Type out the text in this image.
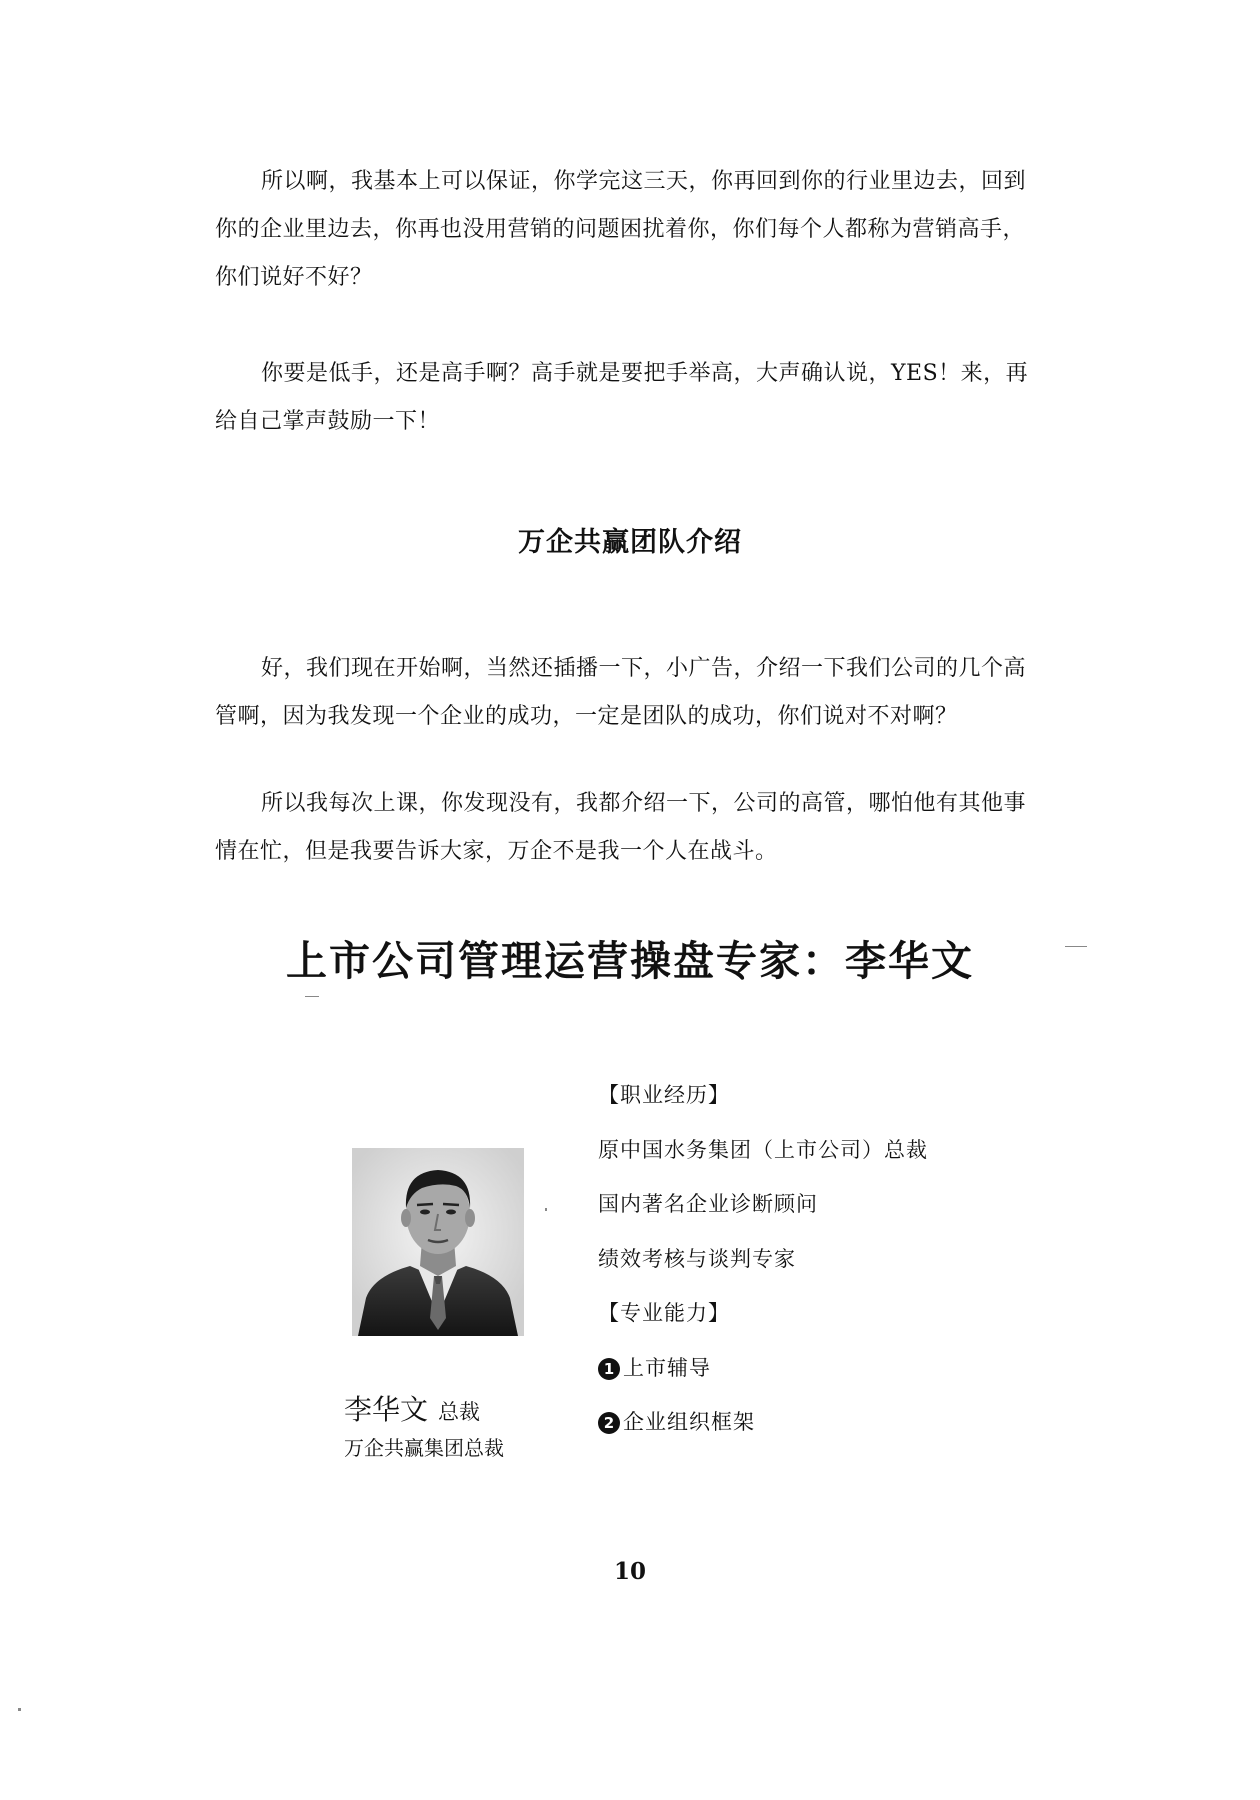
所以啊，我基本上可以保证，你学完这三天，你再回到你的行业里边去，回到你的企业里边去，你再也没用营销的问题困扰着你，你们每个人都称为营销高手，你们说好不好？

你要是低手，还是高手啊？高手就是要把手举高，大声确认说，YES！来，再给自己掌声鼓励一下！

万企共赢团队介绍

好，我们现在开始啊，当然还插播一下，小广告，介绍一下我们公司的几个高管啊，因为我发现一个企业的成功，一定是团队的成功，你们说对不对啊？

所以我每次上课，你发现没有，我都介绍一下，公司的高管，哪怕他有其他事情在忙，但是我要告诉大家，万企不是我一个人在战斗。

上市公司管理运营操盘专家：李华文
李华文 总裁
万企共赢集团总裁
【职业经历】
原中国水务集团（上市公司）总裁
国内著名企业诊断顾问
绩效考核与谈判专家
【专业能力】
1 上市辅导
2 企业组织框架
10
